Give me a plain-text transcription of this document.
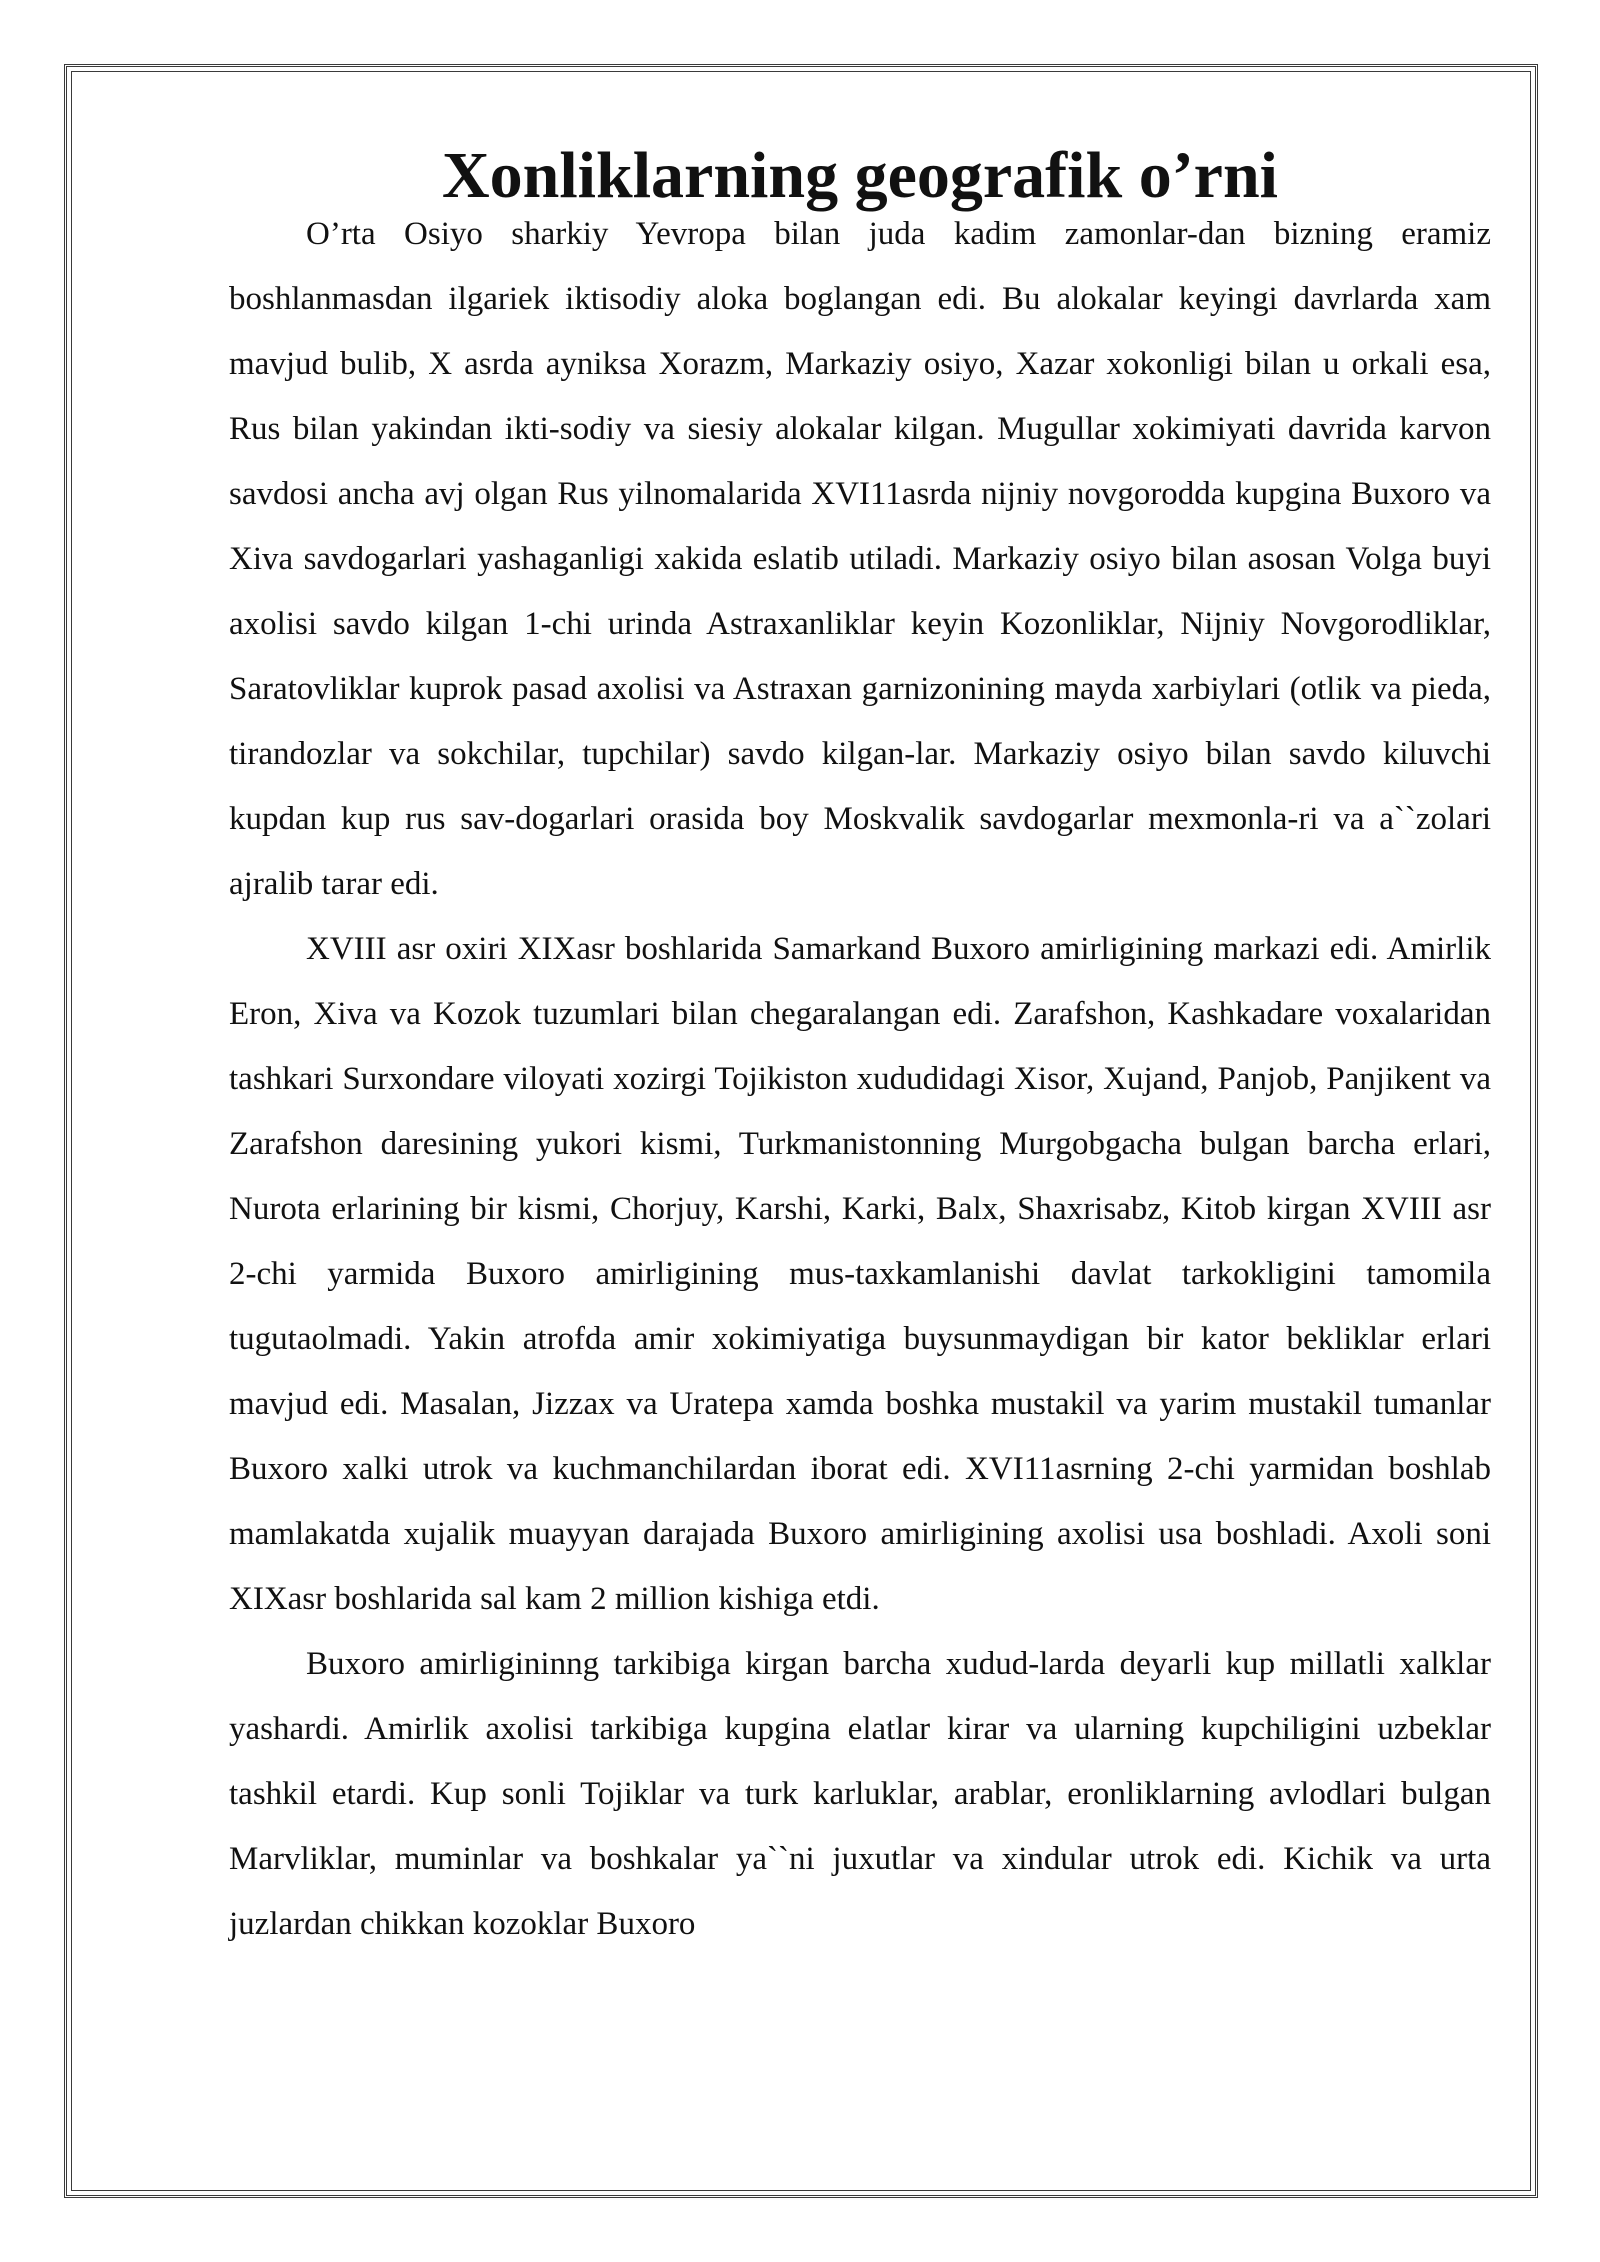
Xonliklarning geografik o’rni

O’rta Osiyo sharkiy Yevropa bilan juda kadim zamonlar-dan bizning eramiz boshlanmasdan ilgariek iktisodiy aloka boglangan edi. Bu alokalar keyingi davrlarda xam mavjud bulib, X asrda ayniksa Xorazm, Markaziy osiyo, Xazar xokonligi bilan u orkali esa, Rus bilan yakindan ikti-sodiy va siesiy alokalar kilgan. Mugullar xokimiyati davrida karvon savdosi ancha avj olgan Rus yilnomalarida XVI11asrda nijniy novgorodda kupgina Buxoro va Xiva savdogarlari yashaganligi xakida eslatib utiladi. Markaziy osiyo bilan asosan Volga buyi axolisi savdo kilgan 1-chi urinda Astraxanliklar keyin Kozonliklar, Nijniy Novgorodliklar, Saratovliklar kuprok pasad axolisi va Astraxan garnizonining mayda xarbiylari (otlik va pieda, tirandozlar va sokchilar, tupchilar) savdo kilgan-lar. Markaziy osiyo bilan savdo kiluvchi kupdan kup rus sav-dogarlari orasida boy Moskvalik savdogarlar mexmonla-ri va a``zolari ajralib tarar edi.

XVIII asr oxiri XIXasr boshlarida Samarkand Buxoro amirligining markazi edi. Amirlik Eron, Xiva va Kozok tuzumlari bilan chegaralangan edi. Zarafshon, Kashkadare voxalaridan tashkari Surxondare viloyati xozirgi Tojikiston xududidagi Xisor, Xujand, Panjob, Panjikent va Zarafshon daresining yukori kismi, Turkmanistonning Murgobgacha bulgan barcha erlari, Nurota erlarining bir kismi, Chorjuy, Karshi, Karki, Balx, Shaxrisabz, Kitob kirgan XVIII asr 2-chi yarmida Buxoro amirligining mus-taxkamlanishi davlat tarkokligini tamomila tugutaolmadi. Yakin atrofda amir xokimiyatiga buysunmaydigan bir kator bekliklar erlari mavjud edi. Masalan, Jizzax va Uratepa xamda boshka mustakil va yarim mustakil tumanlar Buxoro xalki utrok va kuchmanchilardan iborat edi. XVI11asrning 2-chi yarmidan boshlab mamlakatda xujalik muayyan darajada Buxoro amirligining axolisi usa boshladi. Axoli soni XIXasr boshlarida sal kam 2 million kishiga etdi.

Buxoro amirligininng tarkibiga kirgan barcha xudud-larda deyarli kup millatli xalklar yashardi. Amirlik axolisi tarkibiga kupgina elatlar kirar va ularning kupchiligini uzbeklar tashkil etardi. Kup sonli Tojiklar va turk karluklar, arablar, eronliklarning avlodlari bulgan Marvliklar, muminlar va boshkalar ya``ni juxutlar va xindular utrok edi. Kichik va urta juzlardan chikkan kozoklar Buxoro
